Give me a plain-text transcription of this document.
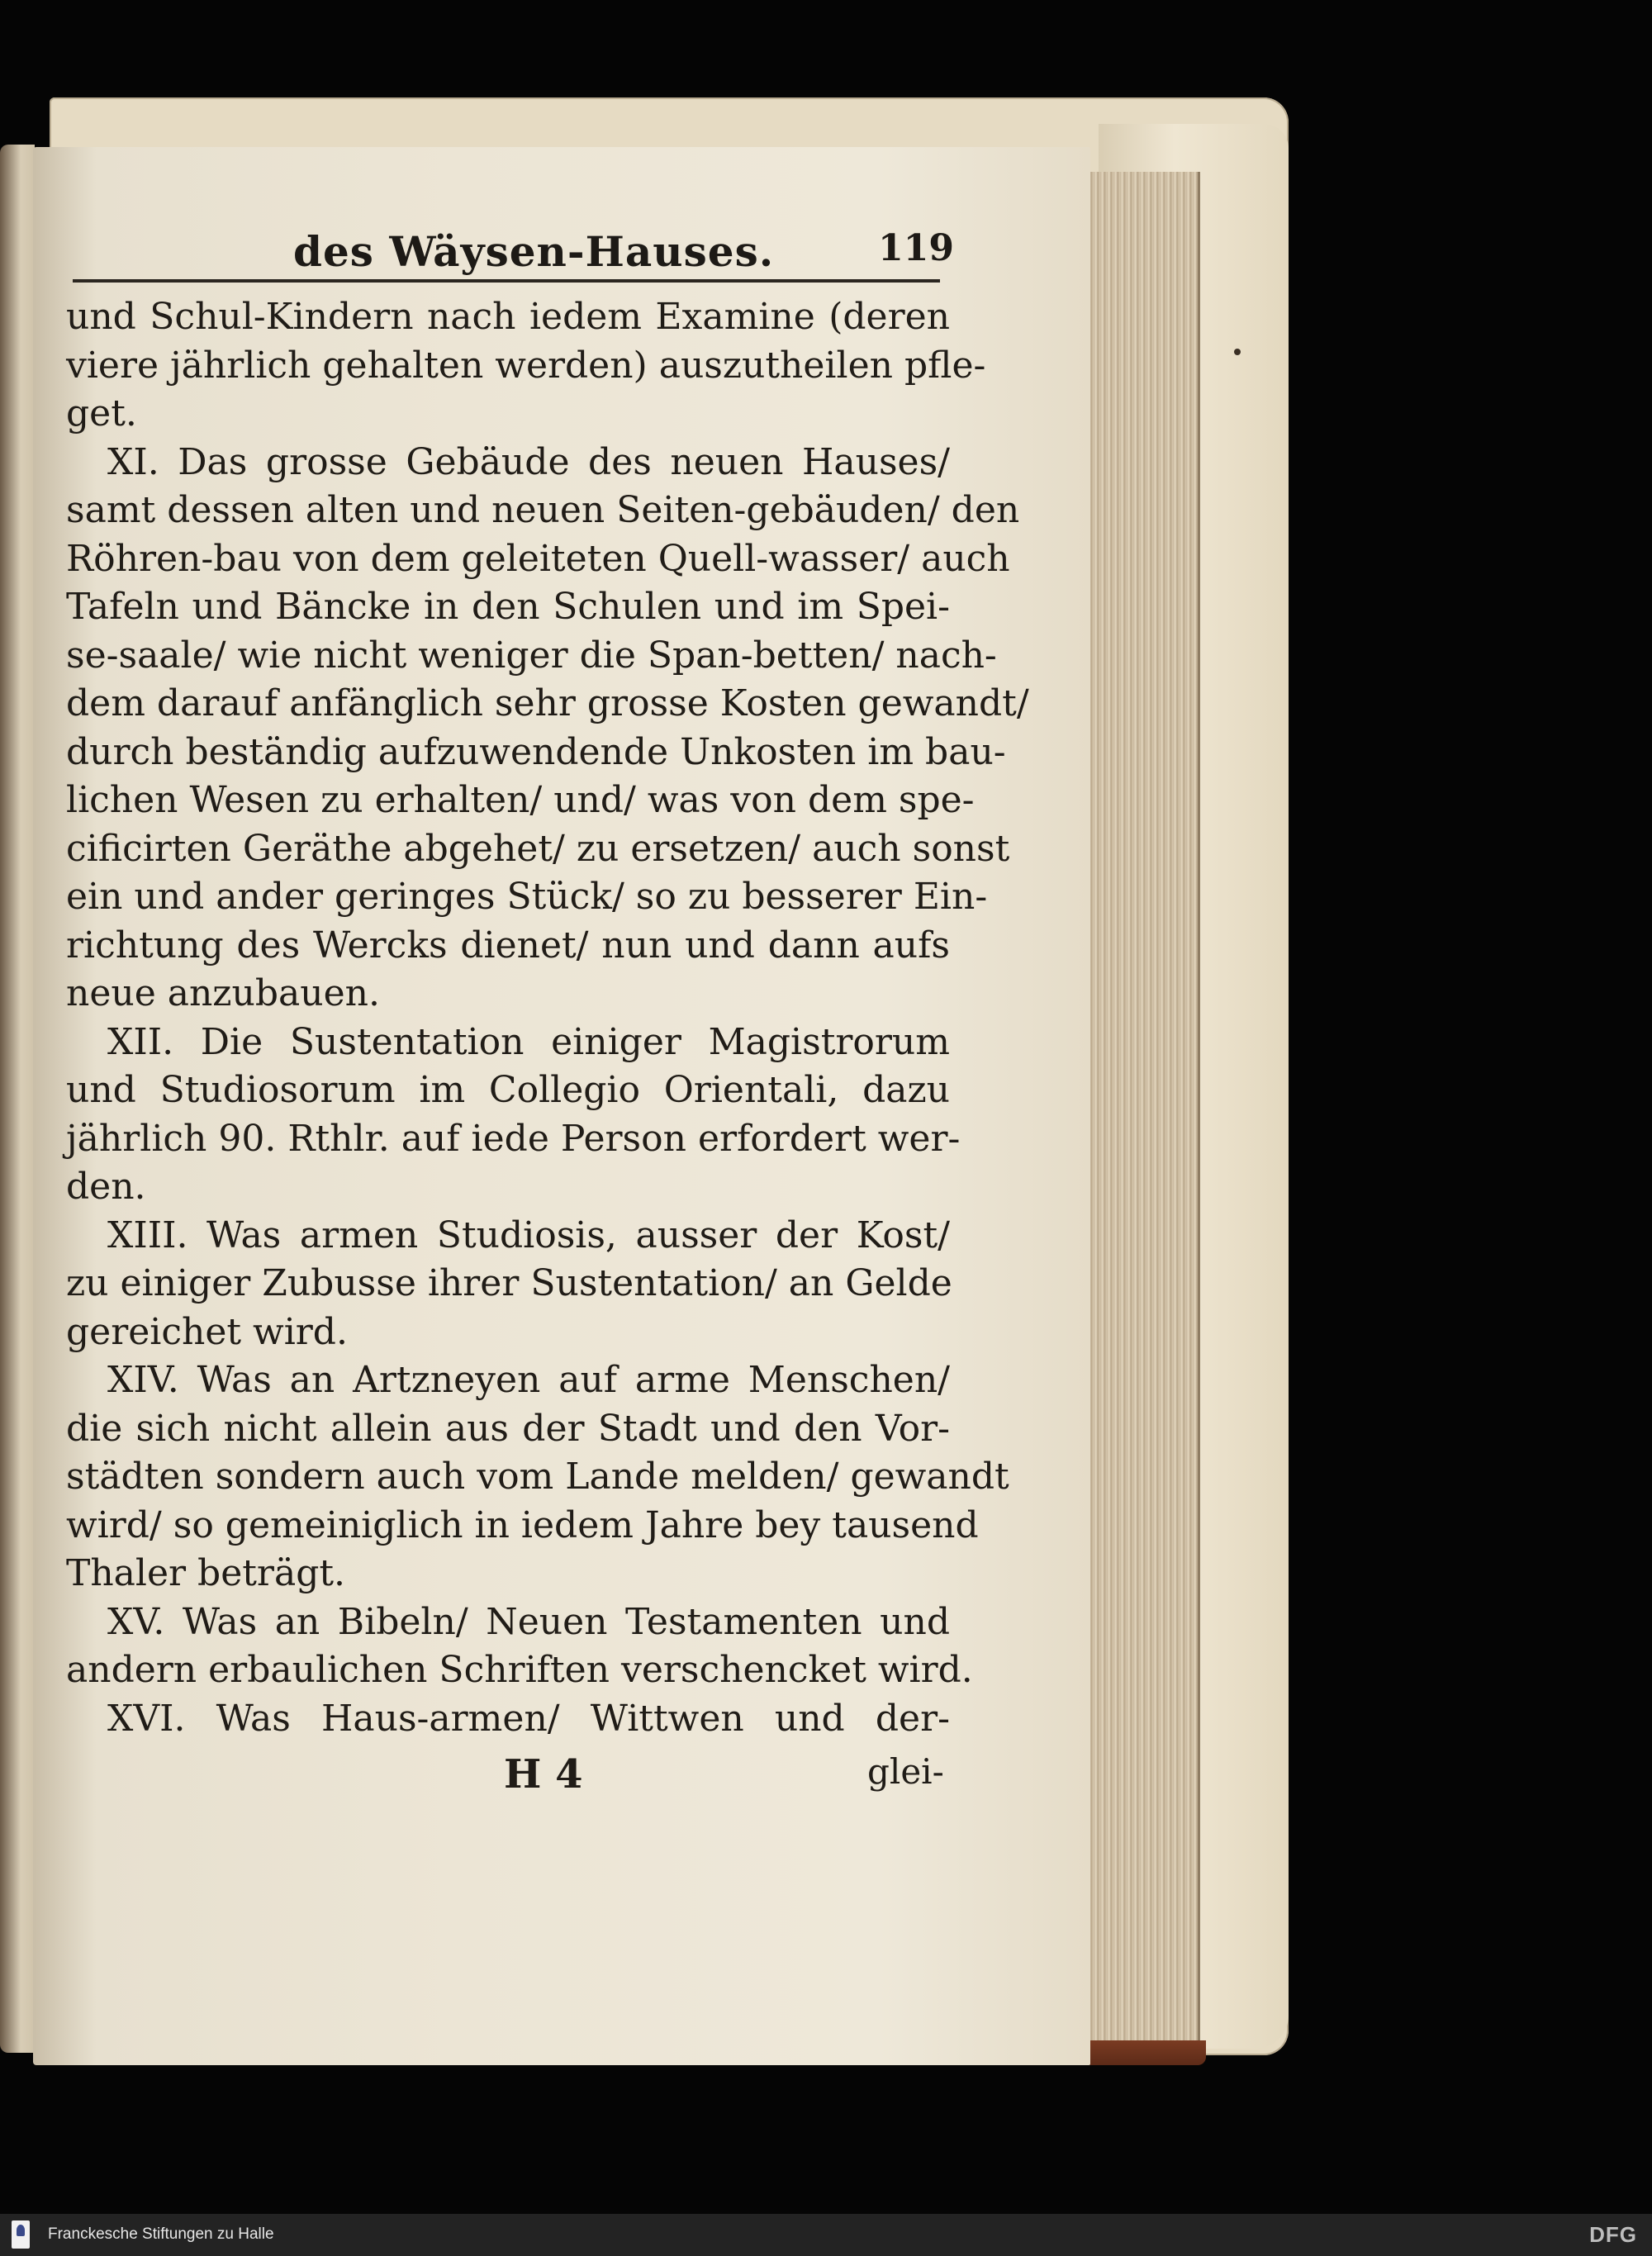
des Wäysen-Hauses.	119
und Schul-Kindern nach iedem Examine (deren
viere jährlich gehalten werden) auszutheilen pfle-
get.
XI. Das grosse Gebäude des neuen Hauses/
samt dessen alten und neuen Seiten-gebäuden/ den
Röhren-bau von dem geleiteten Quell-wasser/ auch
Tafeln und Bäncke in den Schulen und im Spei-
se-saale/ wie nicht weniger die Span-betten/ nach-
dem darauf anfänglich sehr grosse Kosten gewandt/
durch beständig aufzuwendende Unkosten im bau-
lichen Wesen zu erhalten/ und/ was von dem spe-
cificirten Geräthe abgehet/ zu ersetzen/ auch sonst
ein und ander geringes Stück/ so zu besserer Ein-
richtung des Wercks dienet/ nun und dann aufs
neue anzubauen.
XII. Die Sustentation einiger Magistrorum
und Studiosorum im Collegio Orientali, dazu
jährlich 90. Rthlr. auf iede Person erfordert wer-
den.
XIII. Was armen Studiosis, ausser der Kost/
zu einiger Zubusse ihrer Sustentation/ an Gelde
gereichet wird.
XIV. Was an Artzneyen auf arme Menschen/
die sich nicht allein aus der Stadt und den Vor-
städten sondern auch vom Lande melden/ gewandt
wird/ so gemeiniglich in iedem Jahre bey tausend
Thaler beträgt.
XV. Was an Bibeln/ Neuen Testamenten und
andern erbaulichen Schriften verschencket wird.
XVI. Was Haus-armen/ Wittwen und der-
H 4	glei-
Franckesche Stiftungen zu Halle	DFG
